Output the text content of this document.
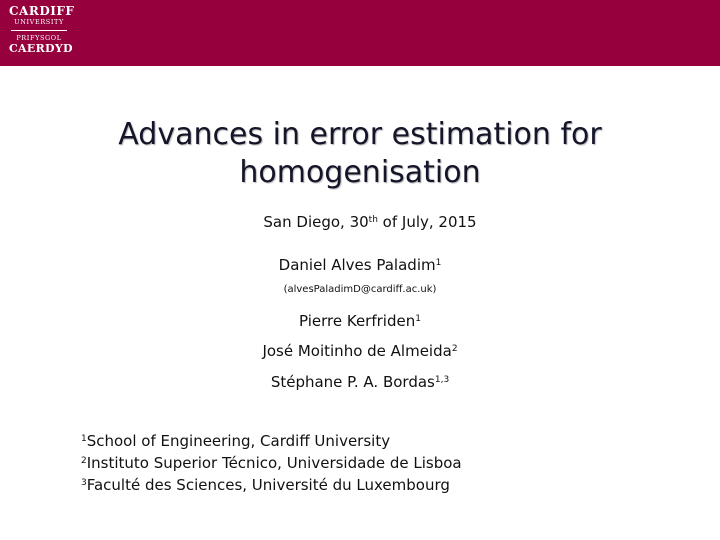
CARDIFF
UNIVERSITY
PRIFYSGOL
CAERDYD
Advances in error estimation for
homogenisation
San Diego, 30th of July, 2015
Daniel Alves Paladim$^1$
(alvesPaladimD@cardiff.ac.uk)
Pierre Kerfriden$^1$
José Moitinho de Almeida$^2$
Stéphane P. A. Bordas$^{1,3}$
$^1$School of Engineering, Cardiff University
$^2$Instituto Superior Técnico, Universidade de Lisboa
$^3$Faculté des Sciences, Université du Luxembourg
